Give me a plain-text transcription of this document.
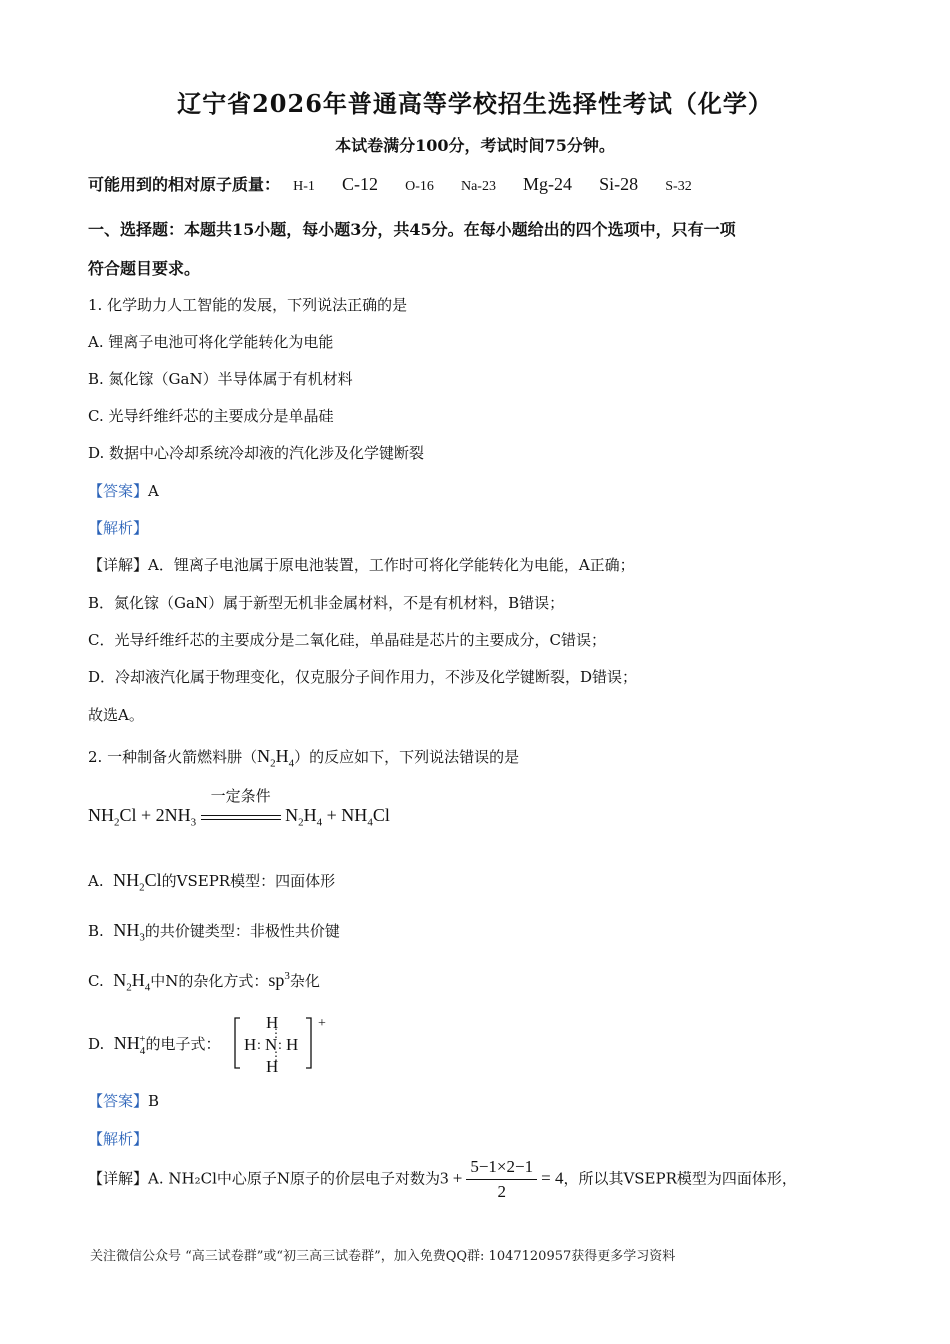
辽宁省2026年普通高等学校招生选择性考试（化学）
本试卷满分100分，考试时间75分钟。
可能用到的相对原子质量： H-1 C-12 O-16 Na-23 Mg-24 Si-28 S-32
一、选择题：本题共15小题，每小题3分，共45分。在每小题给出的四个选项中，只有一项
符合题目要求。
1. 化学助力人工智能的发展，下列说法正确的是
A. 锂离子电池可将化学能转化为电能
B. 氮化镓（GaN）半导体属于有机材料
C. 光导纤维纤芯的主要成分是单晶硅
D. 数据中心冷却系统冷却液的汽化涉及化学键断裂
【答案】A
【解析】
【详解】A．锂离子电池属于原电池装置，工作时可将化学能转化为电能，A正确；
B．氮化镓（GaN）属于新型无机非金属材料，不是有机材料，B错误；
C．光导纤维纤芯的主要成分是二氧化硅，单晶硅是芯片的主要成分，C错误；
D．冷却液汽化属于物理变化，仅克服分子间作用力，不涉及化学键断裂，D错误；
故选A。
2. 一种制备火箭燃料肼$(N_2H_4)$的反应如下，下列说法错误的是
$NH_2Cl + 2NH_3$
一定条件
$N_2H_4 + NH_4Cl$
A.  $NH_2Cl$的VSEPR模型：四面体形
B.  $NH_3$的共价键类型：非极性共价键
C.  $N_2H_4$中N的杂化方式：$sp^3$杂化
D.  $NH_4^+$的电子式：
+
H
⋮
H : N : H
⋮
H
【答案】B
【解析】
【详解】A. NH₂Cl中心原子N原子的价层电子对数为$3 + \frac{5-1\times 2-1}{2} = 4$，所以其VSEPR模型为四面体形，
关注微信公众号 “高三试卷群”或“初三高三试卷群”，加入免费QQ群: 1047120957获得更多学习资料
